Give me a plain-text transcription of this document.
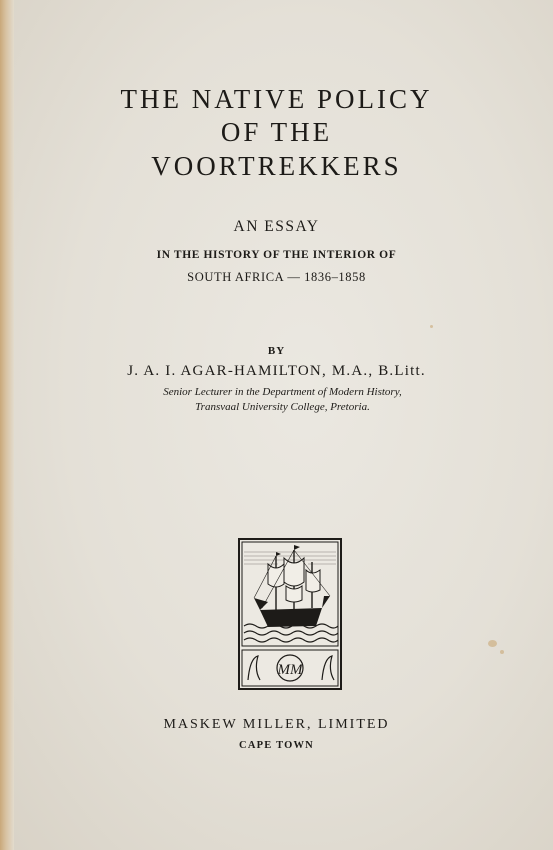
THE NATIVE POLICY
OF THE
VOORTREKKERS
AN ESSAY
IN THE HISTORY OF THE INTERIOR OF
SOUTH AFRICA — 1836–1858
BY
J. A. I. AGAR-HAMILTON, M.A., B.Litt.
Senior Lecturer in the Department of Modern History,
Transvaal University College, Pretoria.
MM
MASKEW MILLER, LIMITED
CAPE TOWN
